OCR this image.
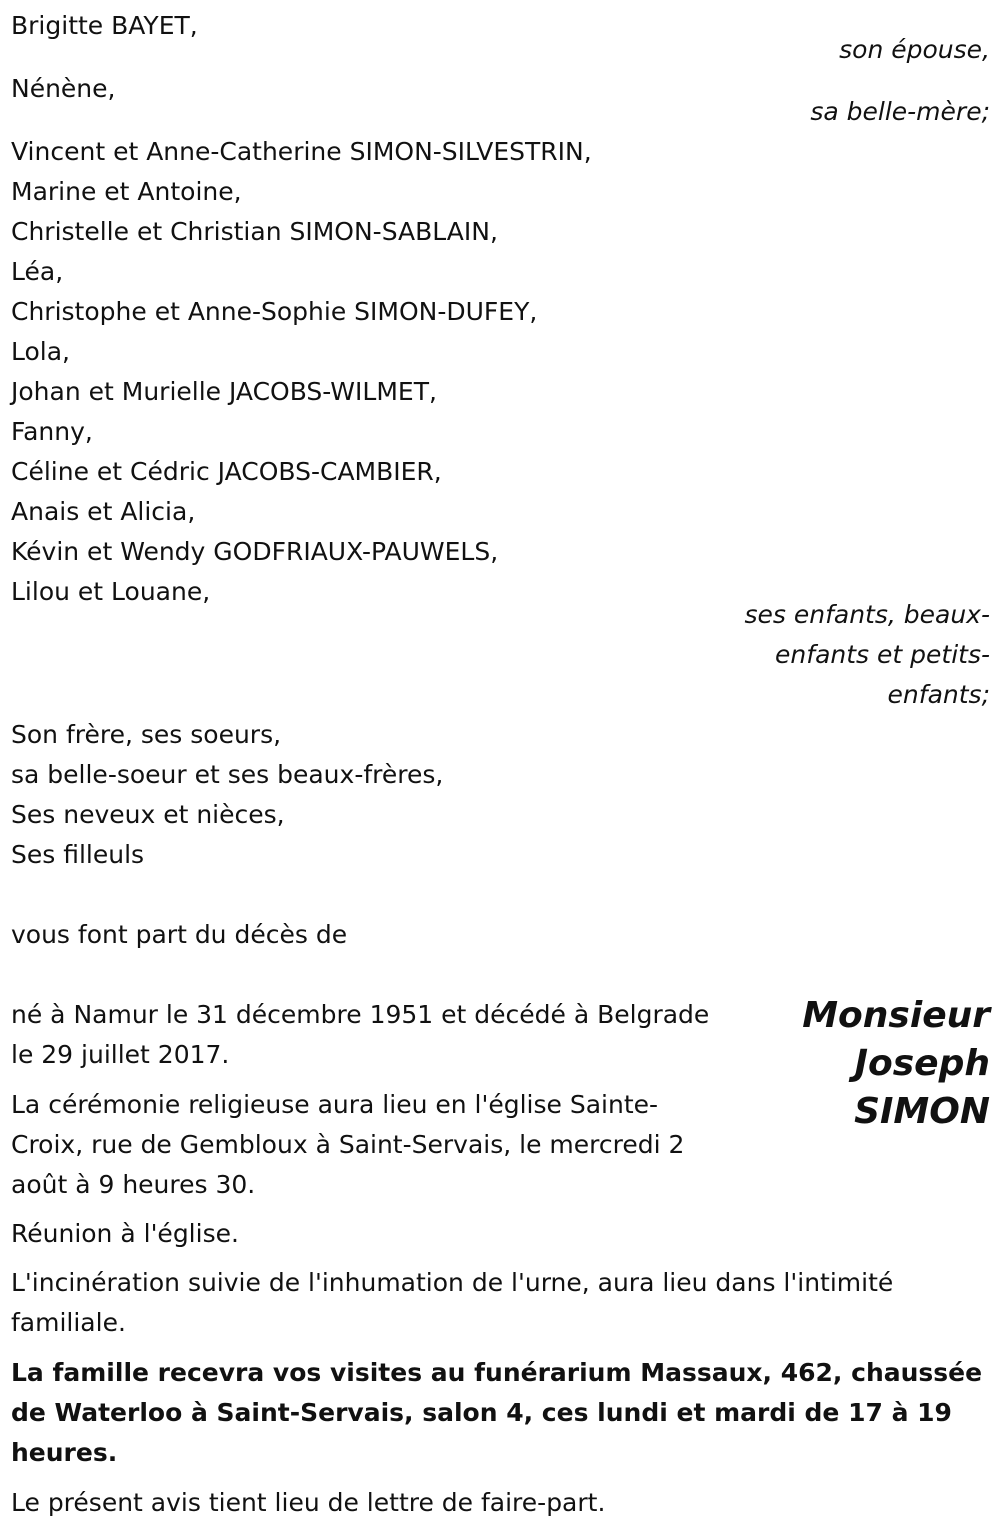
Brigitte BAYET,
son épouse,
Nénène,
sa belle-mère;
Vincent et Anne-Catherine SIMON-SILVESTRIN,
Marine et Antoine,
Christelle et Christian SIMON-SABLAIN,
Léa,
Christophe et Anne-Sophie SIMON-DUFEY,
Lola,
Johan et Murielle JACOBS-WILMET,
Fanny,
Céline et Cédric JACOBS-CAMBIER,
Anais et Alicia,
Kévin et Wendy GODFRIAUX-PAUWELS,
Lilou et Louane,
ses enfants, beaux-
enfants et petits-
enfants;
Son frère, ses soeurs,
sa belle-soeur et ses beaux-frères,
Ses neveux et nièces,
Ses filleuls
vous font part du décès de
Monsieur
Joseph
SIMON
né à Namur le 31 décembre 1951 et décédé à Belgrade
le 29 juillet 2017.
La cérémonie religieuse aura lieu en l'église Sainte-
Croix, rue de Gembloux à Saint-Servais, le mercredi 2
août à 9 heures 30.
Réunion à l'église.
L'incinération suivie de l'inhumation de l'urne, aura lieu dans l'intimité
familiale.
La famille recevra vos visites au funérarium Massaux, 462, chaussée
de Waterloo à Saint-Servais, salon 4, ces lundi et mardi de 17 à 19
heures.
Le présent avis tient lieu de lettre de faire-part.
